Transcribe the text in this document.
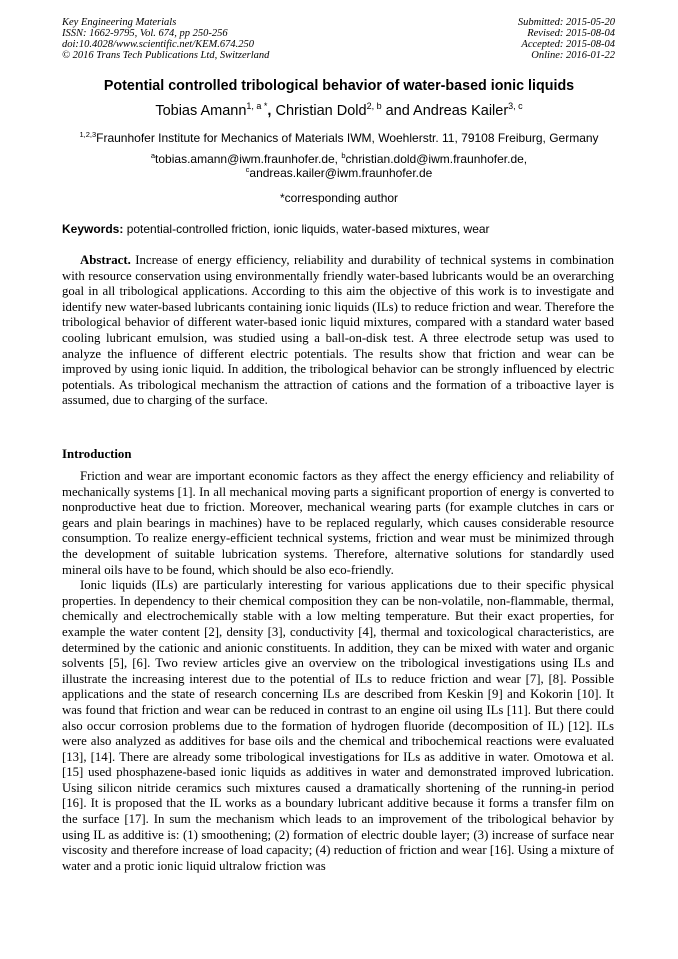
Key Engineering Materials
ISSN: 1662-9795, Vol. 674, pp 250-256
doi:10.4028/www.scientific.net/KEM.674.250
© 2016 Trans Tech Publications Ltd, Switzerland
Submitted: 2015-05-20
Revised: 2015-08-04
Accepted: 2015-08-04
Online: 2016-01-22
Potential controlled tribological behavior of water-based ionic liquids
Tobias Amann$^{1, a *}$, Christian Dold$^{2, b}$ and Andreas Kailer$^{3, c}$
$^{1,2,3}$Fraunhofer Institute for Mechanics of Materials IWM, Woehlerstr. 11, 79108 Freiburg, Germany
$^a$tobias.amann@iwm.fraunhofer.de, $^b$christian.dold@iwm.fraunhofer.de,
$^c$andreas.kailer@iwm.fraunhofer.de
*corresponding author
Keywords: potential-controlled friction, ionic liquids, water-based mixtures, wear

Abstract. Increase of energy efficiency, reliability and durability of technical systems in combination with resource conservation using environmentally friendly water-based lubricants would be an overarching goal in all tribological applications. According to this aim the objective of this work is to investigate and identify new water-based lubricants containing ionic liquids (ILs) to reduce friction and wear. Therefore the tribological behavior of different water-based ionic liquid mixtures, compared with a standard water based cooling lubricant emulsion, was studied using a ball-on-disk test. A three electrode setup was used to analyze the influence of different electric potentials. The results show that friction and wear can be improved by using ionic liquid. In addition, the tribological behavior can be strongly influenced by electric potentials. As tribological mechanism the attraction of cations and the formation of a triboactive layer is assumed, due to charging of the surface.

Introduction

Friction and wear are important economic factors as they affect the energy efficiency and reliability of mechanically systems [1]. In all mechanical moving parts a significant proportion of energy is converted to nonproductive heat due to friction. Moreover, mechanical wearing parts (for example clutches in cars or gears and plain bearings in machines) have to be replaced regularly, which causes considerable resource consumption. To realize energy-efficient technical systems, friction and wear must be minimized through the development of suitable lubrication systems. Therefore, alternative solutions for standardly used mineral oils have to be found, which should be also eco-friendly.

Ionic liquids (ILs) are particularly interesting for various applications due to their specific physical properties. In dependency to their chemical composition they can be non-volatile, non-flammable, thermal, chemically and electrochemically stable with a low melting temperature. But their exact properties, for example the water content [2], density [3], conductivity [4], thermal and toxicological characteristics, are determined by the cationic and anionic constituents. In addition, they can be mixed with water and organic solvents [5], [6]. Two review articles give an overview on the tribological investigations using ILs and illustrate the increasing interest due to the potential of ILs to reduce friction and wear [7], [8]. Possible applications and the state of research concerning ILs are described from Keskin [9] and Kokorin [10]. It was found that friction and wear can be reduced in contrast to an engine oil using ILs [11]. But there could also occur corrosion problems due to the formation of hydrogen fluoride (decomposition of IL) [12]. ILs were also analyzed as additives for base oils and the chemical and tribochemical reactions were evaluated [13], [14]. There are already some tribological investigations for ILs as additive in water. Omotowa et al. [15] used phosphazene-based ionic liquids as additives in water and demonstrated improved lubrication. Using silicon nitride ceramics such mixtures caused a dramatically shortening of the running-in period [16]. It is proposed that the IL works as a boundary lubricant additive because it forms a transfer film on the surface [17]. In sum the mechanism which leads to an improvement of the tribological behavior by using IL as additive is: (1) smoothening; (2) formation of electric double layer; (3) increase of surface near viscosity and therefore increase of load capacity; (4) reduction of friction and wear [16]. Using a mixture of water and a protic ionic liquid ultralow friction was
